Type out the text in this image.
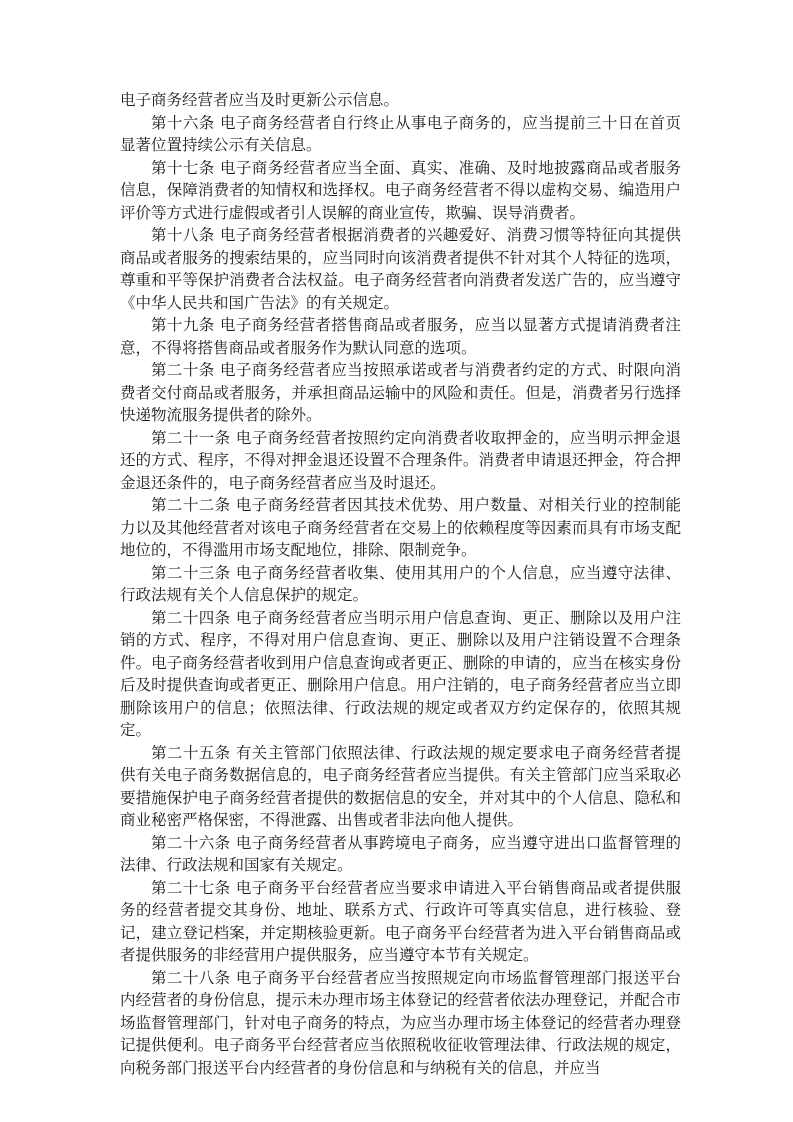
电子商务经营者应当及时更新公示信息。

第十六条 电子商务经营者自行终止从事电子商务的，应当提前三十日在首页显著位置持续公示有关信息。

第十七条 电子商务经营者应当全面、真实、准确、及时地披露商品或者服务信息，保障消费者的知情权和选择权。电子商务经营者不得以虚构交易、编造用户评价等方式进行虚假或者引人误解的商业宣传，欺骗、误导消费者。

第十八条 电子商务经营者根据消费者的兴趣爱好、消费习惯等特征向其提供商品或者服务的搜索结果的，应当同时向该消费者提供不针对其个人特征的选项，尊重和平等保护消费者合法权益。电子商务经营者向消费者发送广告的，应当遵守《中华人民共和国广告法》的有关规定。

第十九条 电子商务经营者搭售商品或者服务，应当以显著方式提请消费者注意，不得将搭售商品或者服务作为默认同意的选项。

第二十条 电子商务经营者应当按照承诺或者与消费者约定的方式、时限向消费者交付商品或者服务，并承担商品运输中的风险和责任。但是，消费者另行选择快递物流服务提供者的除外。

第二十一条 电子商务经营者按照约定向消费者收取押金的，应当明示押金退还的方式、程序，不得对押金退还设置不合理条件。消费者申请退还押金，符合押金退还条件的，电子商务经营者应当及时退还。

第二十二条 电子商务经营者因其技术优势、用户数量、对相关行业的控制能力以及其他经营者对该电子商务经营者在交易上的依赖程度等因素而具有市场支配地位的，不得滥用市场支配地位，排除、限制竞争。

第二十三条 电子商务经营者收集、使用其用户的个人信息，应当遵守法律、行政法规有关个人信息保护的规定。

第二十四条 电子商务经营者应当明示用户信息查询、更正、删除以及用户注销的方式、程序，不得对用户信息查询、更正、删除以及用户注销设置不合理条件。电子商务经营者收到用户信息查询或者更正、删除的申请的，应当在核实身份后及时提供查询或者更正、删除用户信息。用户注销的，电子商务经营者应当立即删除该用户的信息；依照法律、行政法规的规定或者双方约定保存的，依照其规定。

第二十五条 有关主管部门依照法律、行政法规的规定要求电子商务经营者提供有关电子商务数据信息的，电子商务经营者应当提供。有关主管部门应当采取必要措施保护电子商务经营者提供的数据信息的安全，并对其中的个人信息、隐私和商业秘密严格保密，不得泄露、出售或者非法向他人提供。

第二十六条 电子商务经营者从事跨境电子商务，应当遵守进出口监督管理的法律、行政法规和国家有关规定。

第二十七条 电子商务平台经营者应当要求申请进入平台销售商品或者提供服务的经营者提交其身份、地址、联系方式、行政许可等真实信息，进行核验、登记，建立登记档案，并定期核验更新。电子商务平台经营者为进入平台销售商品或者提供服务的非经营用户提供服务，应当遵守本节有关规定。

第二十八条 电子商务平台经营者应当按照规定向市场监督管理部门报送平台内经营者的身份信息，提示未办理市场主体登记的经营者依法办理登记，并配合市场监督管理部门，针对电子商务的特点，为应当办理市场主体登记的经营者办理登记提供便利。电子商务平台经营者应当依照税收征收管理法律、行政法规的规定，向税务部门报送平台内经营者的身份信息和与纳税有关的信息，并应当
